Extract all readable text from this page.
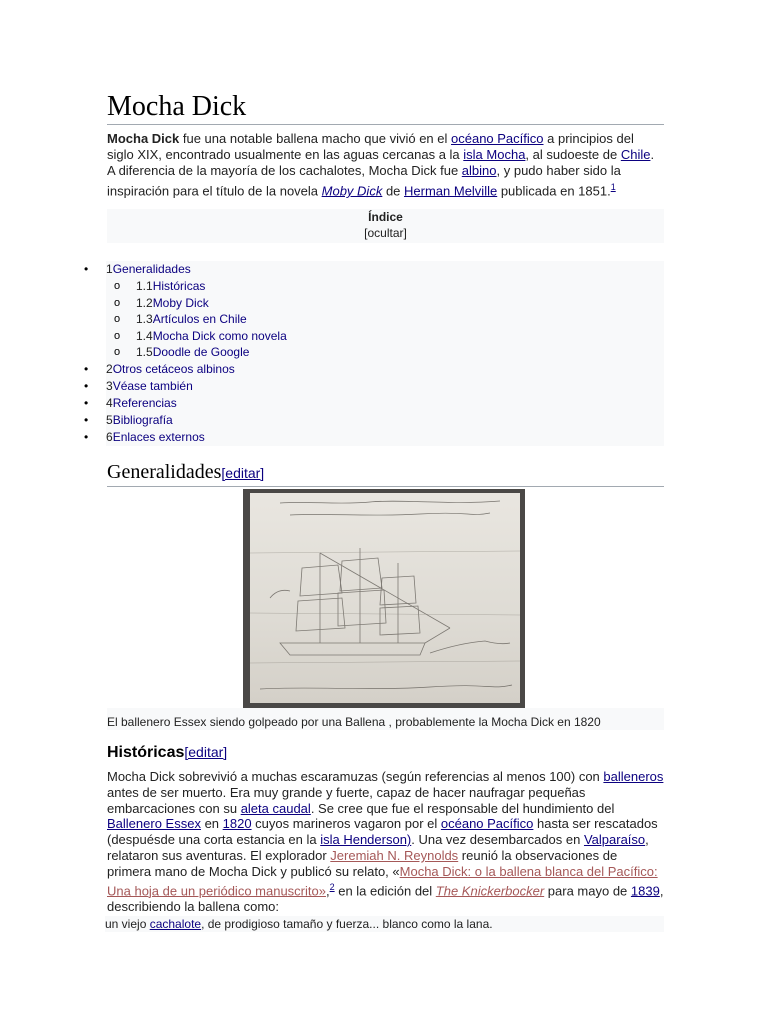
Mocha Dick

Mocha Dick fue una notable ballena macho que vivió en el océano Pacífico a principios del siglo XIX, encontrado usualmente en las aguas cercanas a la isla Mocha, al sudoeste de Chile. A diferencia de la mayoría de los cachalotes, Mocha Dick fue albino, y pudo haber sido la inspiración para el título de la novela Moby Dick de Herman Melville publicada en 1851.$^1$

Índice
[ocultar]
• 1Generalidades
o 1.1Históricas
o 1.2Moby Dick
o 1.3Artículos en Chile
o 1.4Mocha Dick como novela
o 1.5Doodle de Google
• 2Otros cetáceos albinos
• 3Véase también
• 4Referencias
• 5Bibliografía
• 6Enlaces externos
Generalidades[editar]
El ballenero Essex siendo golpeado por una Ballena , probablemente la Mocha Dick en 1820
Históricas[editar]

Mocha Dick sobrevivió a muchas escaramuzas (según referencias al menos 100) con balleneros antes de ser muerto. Era muy grande y fuerte, capaz de hacer naufragar pequeñas embarcaciones con su aleta caudal. Se cree que fue el responsable del hundimiento del Ballenero Essex en 1820 cuyos marineros vagaron por el océano Pacífico hasta ser rescatados (despuésde una corta estancia en la isla Henderson). Una vez desembarcados en Valparaíso, relataron sus aventuras. El explorador Jeremiah N. Reynolds reunió la observaciones de primera mano de Mocha Dick y publicó su relato, «Mocha Dick: o la ballena blanca del Pacífico: Una hoja de un periódico manuscrito»,$^2$ en la edición del The Knickerbocker para mayo de 1839, describiendo la ballena como:

un viejo cachalote, de prodigioso tamaño y fuerza... blanco como la lana.
